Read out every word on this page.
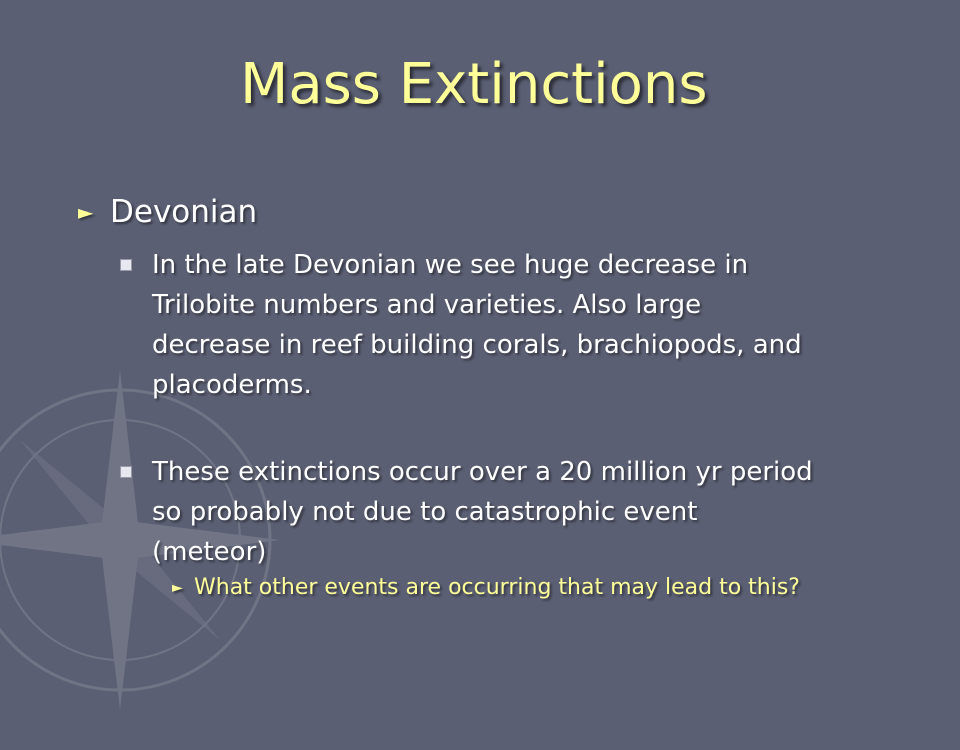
Mass Extinctions
► Devonian
In the late Devonian we see huge decrease in
Trilobite numbers and varieties. Also large
decrease in reef building corals, brachiopods, and
placoderms.
These extinctions occur over a 20 million yr period
so probably not due to catastrophic event
(meteor)
► What other events are occurring that may lead to this?
